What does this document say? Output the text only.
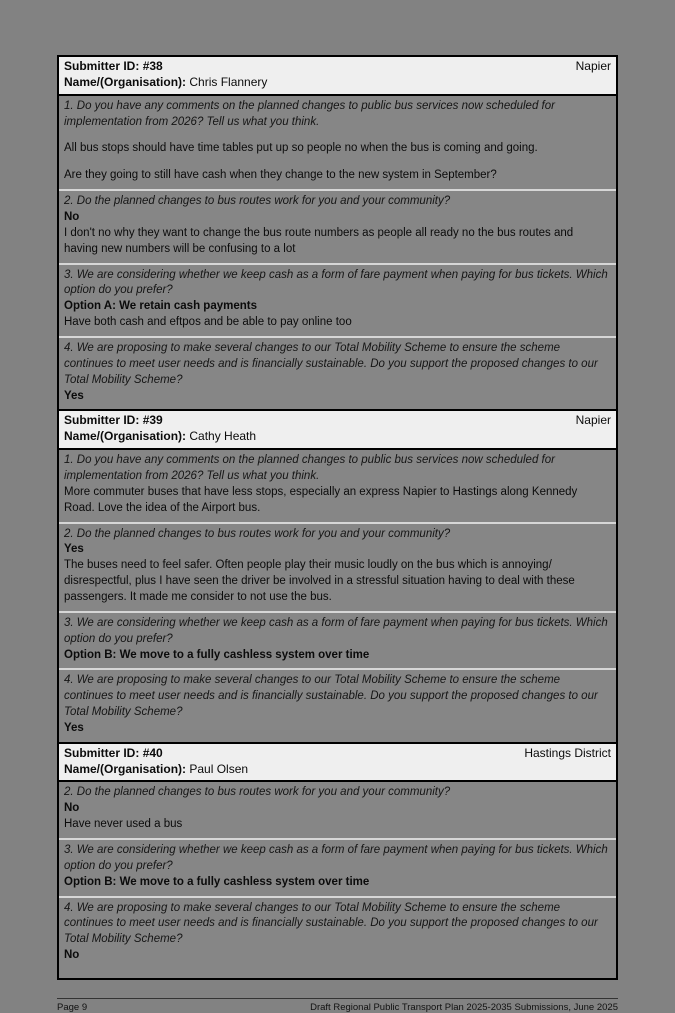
Submitter ID: #38	Napier
Name/(Organisation): Chris Flannery

1. Do you have any comments on the planned changes to public bus services now scheduled for implementation from 2026? Tell us what you think.

All bus stops should have time tables put up so people no when the bus is coming and going.

Are they going to still have cash when they change to the new system in September?

2. Do the planned changes to bus routes work for you and your community?

No

I don't no why they want to change the bus route numbers as people all ready no the bus routes and having new numbers will be confusing to a lot

3. We are considering whether we keep cash as a form of fare payment when paying for bus tickets. Which option do you prefer?

Option A: We retain cash payments

Have both cash and eftpos and be able to pay online too

4. We are proposing to make several changes to our Total Mobility Scheme to ensure the scheme continues to meet user needs and is financially sustainable. Do you support the proposed changes to our Total Mobility Scheme?

Yes

Submitter ID: #39	Napier
Name/(Organisation): Cathy Heath

1. Do you have any comments on the planned changes to public bus services now scheduled for implementation from 2026? Tell us what you think.

More commuter buses that have less stops, especially an express Napier to Hastings along Kennedy Road. Love the idea of the Airport bus.

2. Do the planned changes to bus routes work for you and your community?

Yes

The buses need to feel safer. Often people play their music loudly on the bus which is annoying/ disrespectful, plus I have seen the driver be involved in a stressful situation having to deal with these passengers. It made me consider to not use the bus.

3. We are considering whether we keep cash as a form of fare payment when paying for bus tickets. Which option do you prefer?

Option B: We move to a fully cashless system over time

4. We are proposing to make several changes to our Total Mobility Scheme to ensure the scheme continues to meet user needs and is financially sustainable. Do you support the proposed changes to our Total Mobility Scheme?

Yes

Submitter ID: #40	Hastings District
Name/(Organisation): Paul Olsen

2. Do the planned changes to bus routes work for you and your community?

No

Have never used a bus

3. We are considering whether we keep cash as a form of fare payment when paying for bus tickets. Which option do you prefer?

Option B: We move to a fully cashless system over time

4. We are proposing to make several changes to our Total Mobility Scheme to ensure the scheme continues to meet user needs and is financially sustainable. Do you support the proposed changes to our Total Mobility Scheme?

No

Page 9	Draft Regional Public Transport Plan 2025-2035 Submissions, June 2025
